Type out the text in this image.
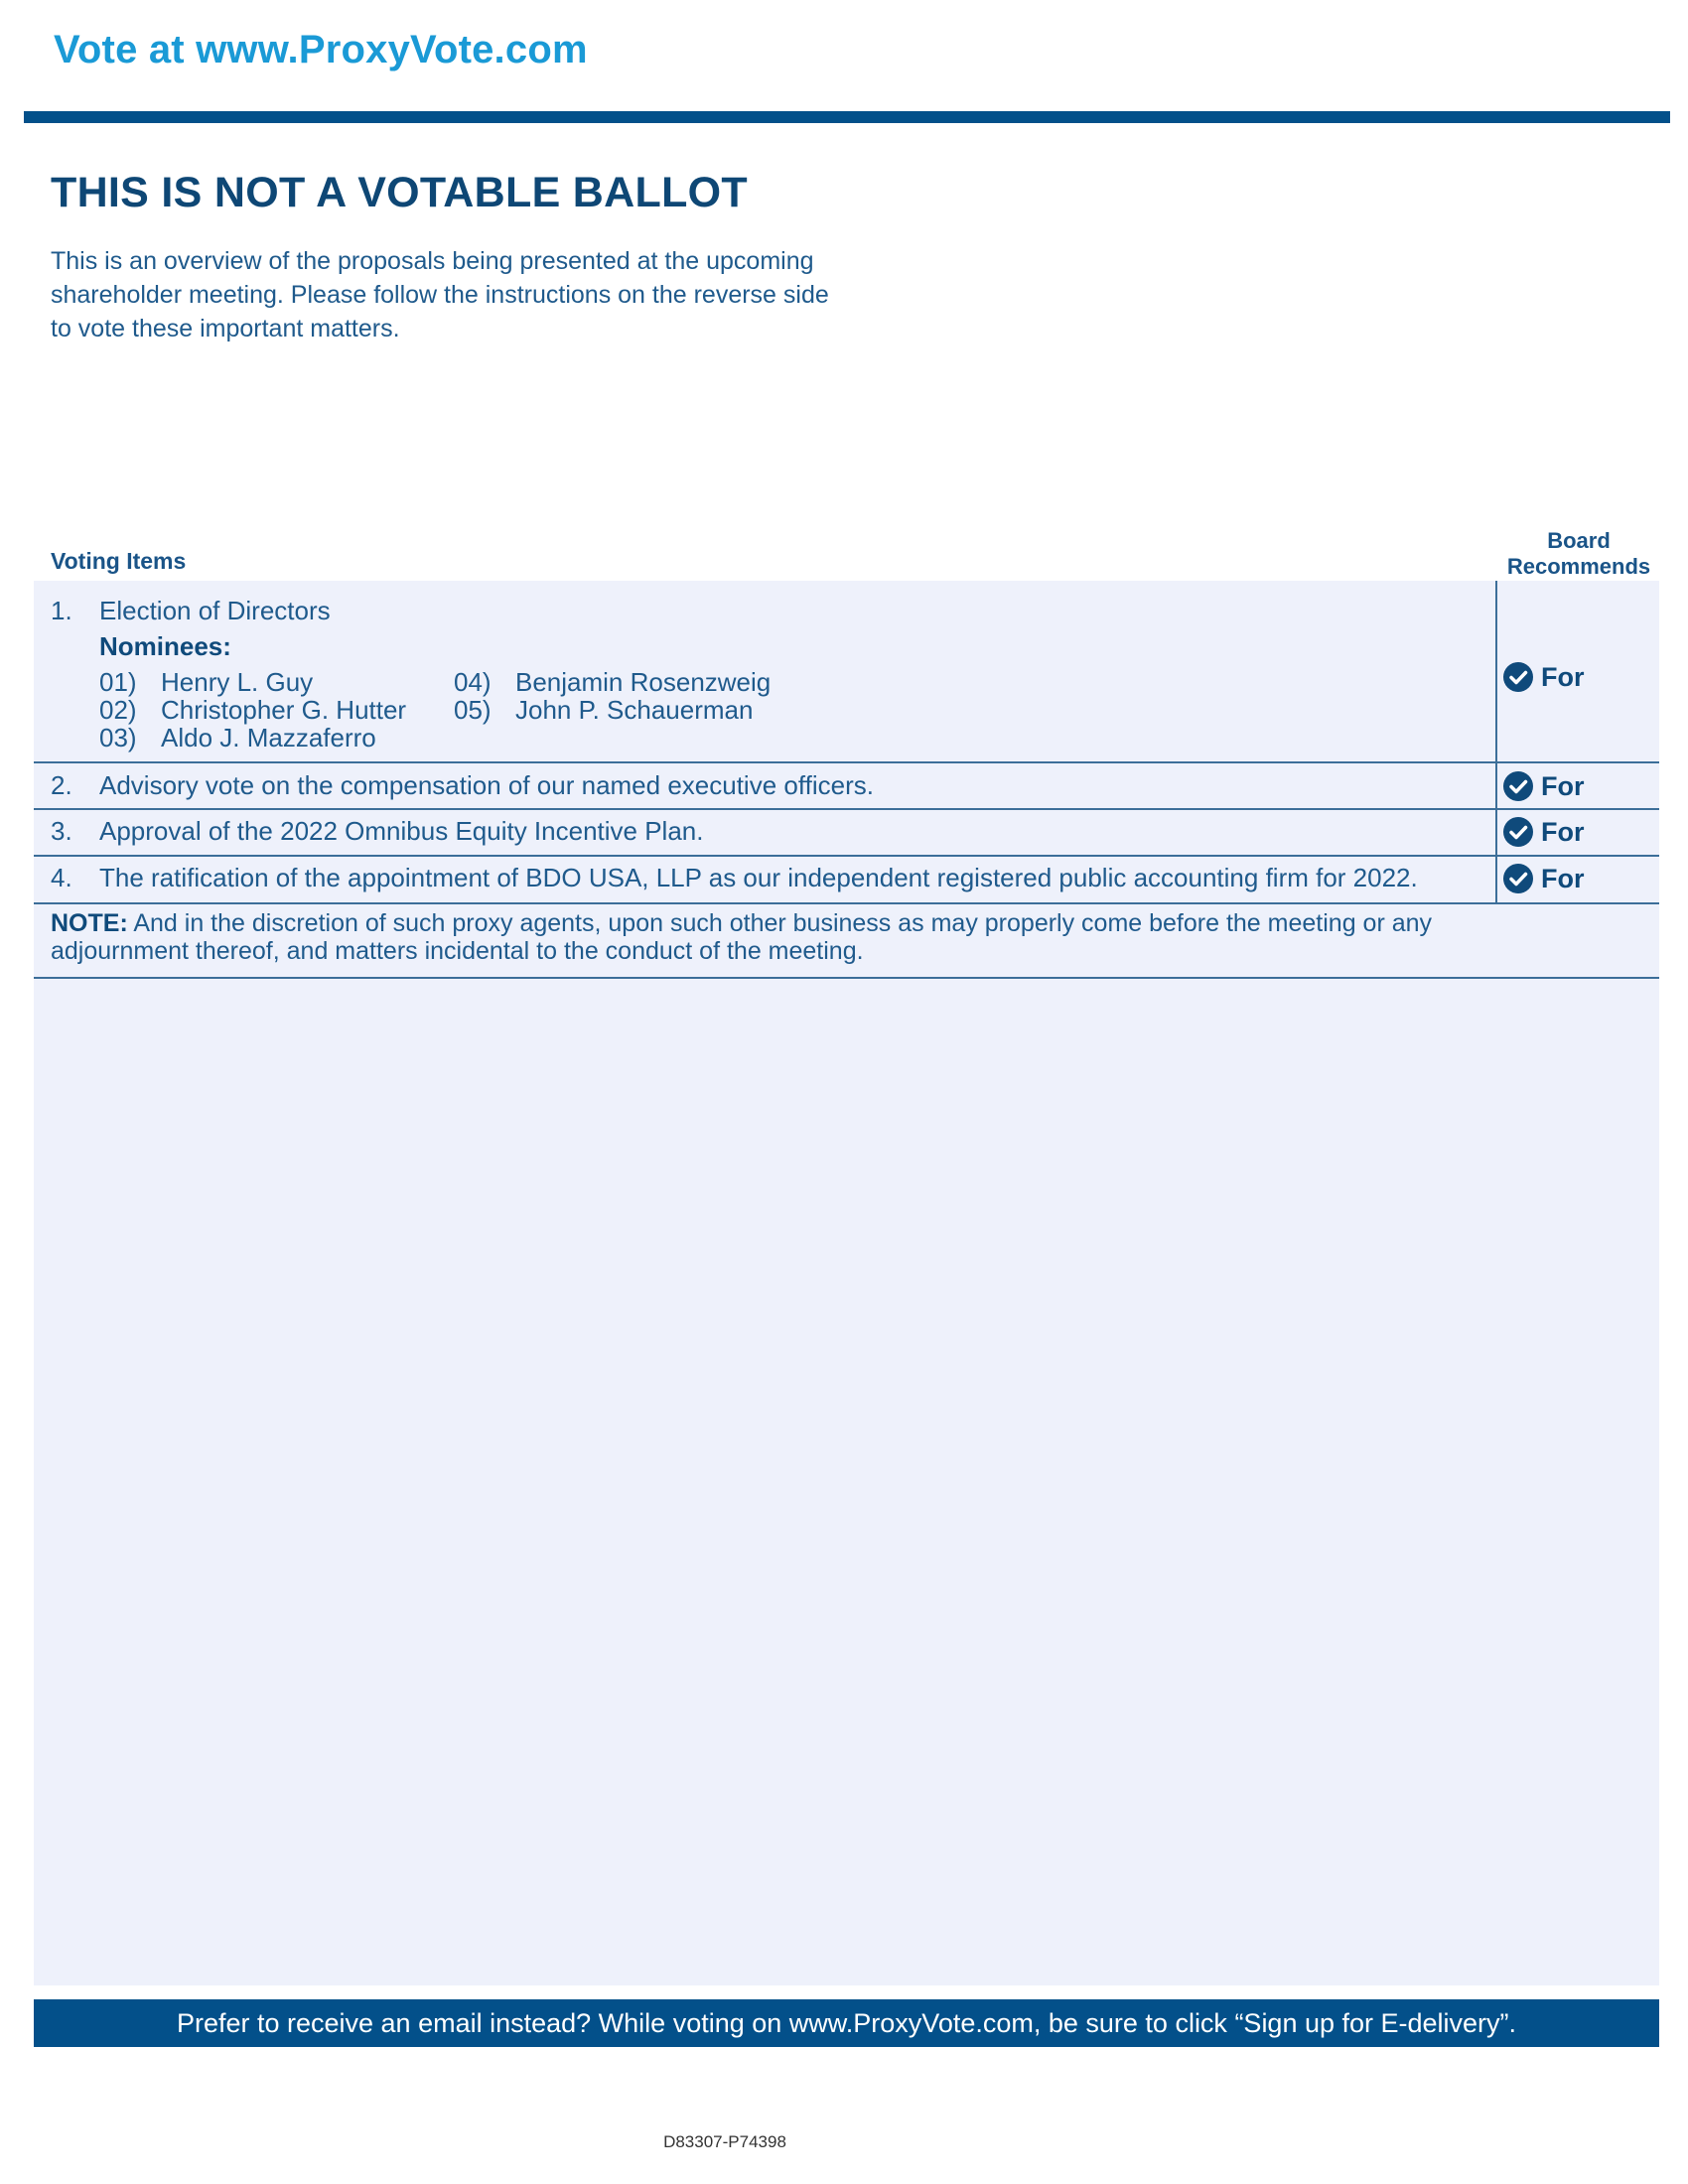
Vote at www.ProxyVote.com
THIS IS NOT A VOTABLE BALLOT
This is an overview of the proposals being presented at the upcoming shareholder meeting. Please follow the instructions on the reverse side to vote these important matters.
Voting Items
Board
Recommends
1. Election of Directors
Nominees:
01) Henry L. Guy
02) Christopher G. Hutter
03) Aldo J. Mazzaferro
04) Benjamin Rosenzweig
05) John P. Schauerman
For
2. Advisory vote on the compensation of our named executive officers.	For
3. Approval of the 2022 Omnibus Equity Incentive Plan.	For
4. The ratification of the appointment of BDO USA, LLP as our independent registered public accounting firm for 2022.	For
NOTE: And in the discretion of such proxy agents, upon such other business as may properly come before the meeting or any adjournment thereof, and matters incidental to the conduct of the meeting.
Prefer to receive an email instead? While voting on www.ProxyVote.com, be sure to click “Sign up for E-delivery”.
D83307-P74398
